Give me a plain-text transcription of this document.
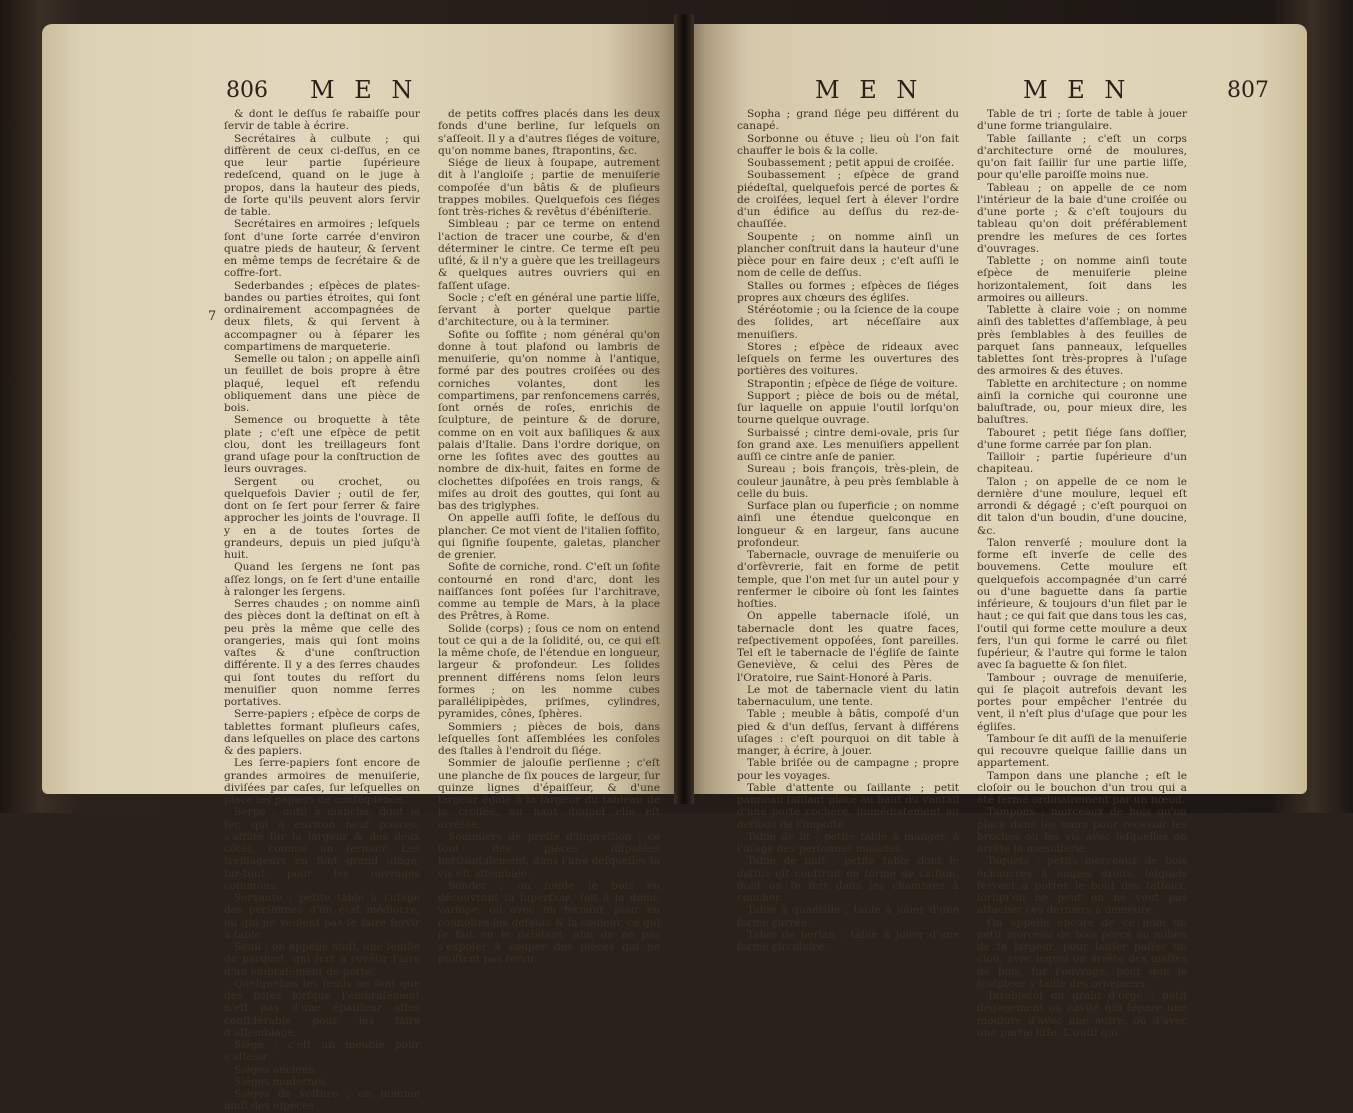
806 M E N
7

& dont le deſſus ſe rabaiſſe pour ſervir de table à écrire.

Secrétaires à culbute ; qui diffèrent de ceux ci-deſſus, en ce que leur partie ſupérieure redeſcend, quand on le juge à propos, dans la hauteur des pieds, de ſorte qu'ils peuvent alors ſervir de table.

Secrétaires en armoires ; leſquels ſont d'une ſorte carrée d'environ quatre pieds de hauteur, & ſervent en même temps de ſecrétaire & de coffre-fort.

Sederbandes ; eſpèces de plates-bandes ou parties étroites, qui ſont ordinairement accompagnées de deux filets, & qui ſervent à accompagner ou à ſéparer les compartimens de marqueterie.

Semelle ou talon ; on appelle ainſi un feuillet de bois propre à être plaqué, lequel eſt refendu obliquement dans une pièce de bois.

Semence ou broquette à tête plate ; c'eſt une eſpèce de petit clou, dont les treillageurs font grand uſage pour la conſtruction de leurs ouvrages.

Sergent ou crochet, ou quelquefois Davier ; outil de fer, dont on ſe ſert pour ſerrer & faire approcher les joints de l'ouvrage. Il y en a de toutes ſortes de grandeurs, depuis un pied juſqu'à huit.

Quand les ſergens ne ſont pas aſſez longs, on ſe ſert d'une entaille à ralonger les ſergens.

Serres chaudes ; on nomme ainſi des pièces dont la deſtinat on eſt à peu près la même que celle des orangeries, mais qui ſont moins vaſtes & d'une conſtruction différente. Il y a des ſerres chaudes qui ſont toutes du reſſort du menuiſier quon nomme ſerres portatives.

Serre-papiers ; eſpèce de corps de tablettes formant pluſieurs caſes, dans leſquelles on place des cartons & des papiers.

Les ſerre-papiers ſont encore de grandes armoires de menuiſerie, diviſées par caſes, ſur leſquelles on place les papiers de conſéquence.

Serpe ; outil à manche, dont le fer, qui a environ neuf pouces, s'affûte ſur la largeur & des deux côtés, comme un fermoir. Les treillageurs en font grand uſage, ſur-tout pour les ouvrages communs.

Servante ; petite table à l'uſage des perſonnes d'un état médiocre, ou qui ne veulent pas ſe faire ſervir à table.

Seuil ; on appelle ainſi, une feuille de parquet, qui ſert à revêtir l'aire d'un embraſement de porte.

Quelquefois les ſeuils ne ſont que des friſes lorſque l'embraſement n'eſt pas d'une épaiſſeur aſſez conſidérable pour les faire d'aſſemblage.

Siége ; c'eſt un meuble pour s'aſſeoir.

Siéges anciens.

Siéges modernes.

Siéges de voiture ; on nomme ainſi des eſpèces

de petits coffres placés dans les deux fonds d'une berline, ſur leſquels on s'aſſeoit. Il y a d'autres ſiéges de voiture, qu'on nomme banes, ſtrapontins, &c.

Siége de lieux à ſoupape, autrement dit à l'angloiſe ; partie de menuiſerie compoſée d'un bâtis & de pluſieurs trappes mobiles. Quelquefois ces ſiéges ſont très-riches & revêtus d'ébéniſterie.

Simbleau ; par ce terme on entend l'action de tracer une courbe, & d'en déterminer le cintre. Ce terme eſt peu uſité, & il n'y a guère que les treillageurs & quelques autres ouvriers qui en faſſent uſage.

Socle ; c'eſt en général une partie liſſe, ſervant à porter quelque partie d'architecture, ou à la terminer.

Sofite ou ſoffite ; nom général qu'on donne à tout plafond ou lambris de menuiſerie, qu'on nomme à l'antique, formé par des poutres croiſées ou des corniches volantes, dont les compartimens, par renfoncemens carrés, ſont ornés de roſes, enrichis de ſculpture, de peinture & de dorure, comme on en voit aux baſiliques & aux palais d'Italie. Dans l'ordre dorique, on orne les ſofites avec des gouttes au nombre de dix-huit, faites en forme de clochettes diſpoſées en trois rangs, & miſes au droit des gouttes, qui ſont au bas des triglyphes.

On appelle auſſi ſofite, le deſſous du plancher. Ce mot vient de l'italien ſoffito, qui ſignifie ſoupente, galetas, plancher de grenier.

Sofite de corniche, rond. C'eſt un ſofite contourné en rond d'arc, dont les naiſſances ſont poſées ſur l'architrave, comme au temple de Mars, à la place des Prêtres, à Rome.

Solide (corps) ; ſous ce nom on entend tout ce qui a de la ſolidité, ou, ce qui eſt la même choſe, de l'étendue en longueur, largeur & profondeur. Les ſolides prennent différens noms ſelon leurs formes ; on les nomme cubes parallélipipèdes, priſmes, cylindres, pyramides, cônes, ſphères.

Sommiers ; pièces de bois, dans leſquelles ſont aſſemblées les conſoles des ſtalles à l'endroit du ſiége.

Sommier de jalouſie perſienne ; c'eſt une planche de ſix pouces de largeur, ſur quinze lignes d'épaiſſeur, & d'une largeur égale à la largeur du tableau de la croiſée, au haut duquel elle eſt arrêtée.

Sommiers de preſſe d'impreſſion ; ce ſont des pièces diſpoſées horizontalement, dans l'une deſquelles la vis eſt aſſemblée.

Sonder ; on ſonde le bois en découvrant ſa ſuperficie, ſoit à la demi-varlope, ou avec un fermoir, pour en connoître les défauts & la couleur, ce qui ſe fait en le débitant, afin de ne pas s'expoſer à couper des pièces qui ne puiſſent pas ſervir.

M E N	M E N	807

Sopha ; grand ſiége peu différent du canapé.

Sorbonne ou étuve ; lieu où l'on fait chauffer le bois & la colle.

Soubassement ; petit appui de croiſée.

Soubassement ; eſpèce de grand piédeſtal, quelquefois percé de portes & de croiſées, lequel ſert à élever l'ordre d'un édifice au deſſus du rez-de-chauſſée.

Soupente ; on nomme ainſi un plancher conſtruit dans la hauteur d'une pièce pour en faire deux ; c'eſt auſſi le nom de celle de deſſus.

Stalles ou formes ; eſpèces de ſiéges propres aux chœurs des égliſes.

Stéréotomie ; ou la ſcience de la coupe des ſolides, art néceſſaire aux menuiſiers.

Stores ; eſpèce de rideaux avec leſquels on ferme les ouvertures des portières des voitures.

Strapontin ; eſpèce de ſiége de voiture.

Support ; pièce de bois ou de métal, ſur laquelle on appuie l'outil lorſqu'on tourne quelque ouvrage.

Surbaissé ; cintre demi-ovale, pris ſur ſon grand axe. Les menuiſiers appellent auſſi ce cintre anſe de panier.

Sureau ; bois françois, très-plein, de couleur jaunâtre, à peu près ſemblable à celle du buis.

Surface plan ou ſuperficie ; on nomme ainſi une étendue quelconque en longueur & en largeur, ſans aucune profondeur.

Tabernacle, ouvrage de menuiſerie ou d'orfèvrerie, fait en forme de petit temple, que l'on met ſur un autel pour y renfermer le ciboire où ſont les ſaintes hoſties.

On appelle tabernacle iſolé, un tabernacle dont les quatre faces, reſpectivement oppoſées, ſont pareilles. Tel eſt le tabernacle de l'égliſe de ſainte Geneviève, & celui des Pères de l'Oratoire, rue Saint-Honoré à Paris.

Le mot de tabernacle vient du latin tabernaculum, une tente.

Table ; meuble à bâtis, compoſé d'un pied & d'un deſſus, ſervant à différens uſages : c'eſt pourquoi on dit table à manger, à écrire, à jouer.

Table briſée ou de campagne ; propre pour les voyages.

Table d'attente ou ſaillante ; petit panneau ſaillant placé au haut du vantail d'une porte cochère, immédiatement au deſſous de l'impoſte.

Table de lit ; petite table à manger, à l'uſage des perſonnes malades.

Table de nuit ; petite table dont le deſſus eſt conſtruit en forme de caiſſon, dont on ſe ſert dans les chambres à coucher.

Table à quadrille ; table à jouer d'une forme carrée.

Table de berlan ; table à jouer d'une forme circulaire.

Table de tri ; ſorte de table à jouer d'une forme triangulaire.

Table ſaillante ; c'eſt un corps d'architecture orné de moulures, qu'on fait ſaillir ſur une partie liſſe, pour qu'elle paroiſſe moins nue.

Tableau ; on appelle de ce nom l'intérieur de la baie d'une croiſée ou d'une porte ; & c'eſt toujours du tableau qu'on doit préférablement prendre les meſures de ces ſortes d'ouvrages.

Tablette ; on nomme ainſi toute eſpèce de menuiſerie pleine horizontalement, ſoit dans les armoires ou ailleurs.

Tablette à claire voie ; on nomme ainſi des tablettes d'aſſemblage, à peu près ſemblables à des feuilles de parquet ſans panneaux, leſquelles tablettes ſont très-propres à l'uſage des armoires & des étuves.

Tablette en architecture ; on nomme ainſi la corniche qui couronne une baluſtrade, ou, pour mieux dire, les baluſtres.

Tabouret ; petit ſiége ſans doſſier, d'une forme carrée par ſon plan.

Tailloir ; partie ſupérieure d'un chapiteau.

Talon ; on appelle de ce nom le dernière d'une moulure, lequel eſt arrondi & dégagé ; c'eſt pourquoi on dit talon d'un boudin, d'une doucine, &c.

Talon renverſé ; moulure dont la forme eſt inverſe de celle des bouvemens. Cette moulure eſt quelquefois accompagnée d'un carré ou d'une baguette dans ſa partie inférieure, & toujours d'un filet par le haut ; ce qui fait que dans tous les cas, l'outil qui forme cette moulure a deux fers, l'un qui forme le carré ou filet ſupérieur, & l'autre qui forme le talon avec ſa baguette & ſon filet.

Tambour ; ouvrage de menuiſerie, qui ſe plaçoit autrefois devant les portes pour empêcher l'entrée du vent, il n'eſt plus d'uſage que pour les égliſes.

Tambour ſe dit auſſi de la menuiſerie qui recouvre quelque ſaillie dans un appartement.

Tampon dans une planche ; eſt le cloſoir ou le bouchon d'un trou qui a été fermé ordinairement par un nœud.

Tampons ; morceaux de bois qu'on place dans les murs pour recevoir les broches ou les vis avec leſquelles on arrête la menuiſerie.

Taquets ; petits morceaux de bois échancrés à angles droits, leſquels ſervent à porter le bout des taſſaux, lorſqu'on ne peut on ne veut pas attacher ces derniers à demeure.

On appelle encore de ce nom un petit morceau de bois percé au milieu de ſa largeur, pour laiſſer paſſer un clou, avec lequel on arrête des maſſes de bois, ſur l'ouvrage, pour que le ſculpteur y taille des ornemens.

Tarabiscot ou grain d'orge ; petit dégagement ou cavité qui ſépare une moulure d'avec une autre, ou d'avec une partie liſſe. L'outil qui
